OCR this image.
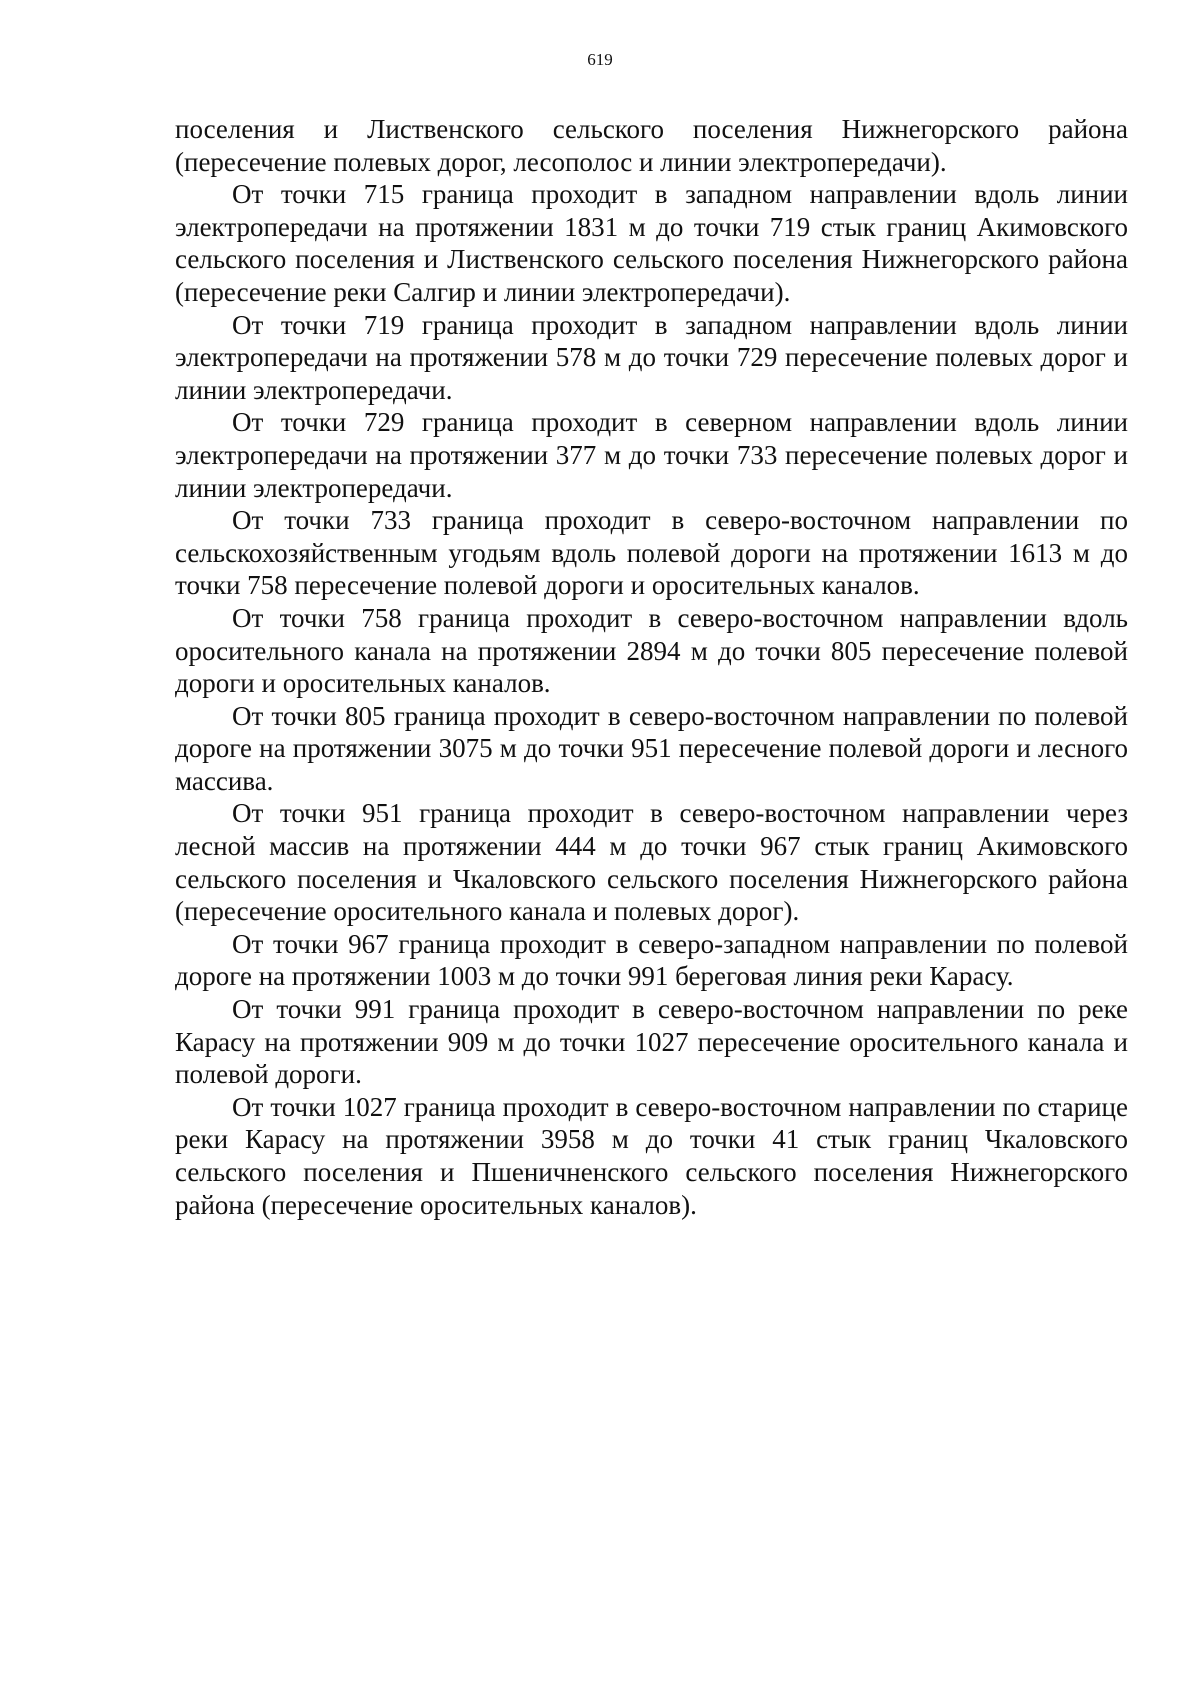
619

поселения и Лиственского сельского поселения Нижнегорского района (пересечение полевых дорог, лесополос и линии электропередачи).

От точки 715 граница проходит в западном направлении вдоль линии электропередачи на протяжении 1831 м до точки 719 стык границ Акимовского сельского поселения и Лиственского сельского поселения Нижнегорского района (пересечение реки Салгир и линии электропередачи).

От точки 719 граница проходит в западном направлении вдоль линии электропередачи на протяжении 578 м до точки 729 пересечение полевых дорог и линии электропередачи.

От точки 729 граница проходит в северном направлении вдоль линии электропередачи на протяжении 377 м до точки 733 пересечение полевых дорог и линии электропередачи.

От точки 733 граница проходит в северо-восточном направлении по сельскохозяйственным угодьям вдоль полевой дороги на протяжении 1613 м до точки 758 пересечение полевой дороги и оросительных каналов.

От точки 758 граница проходит в северо-восточном направлении вдоль оросительного канала на протяжении 2894 м до точки 805 пересечение полевой дороги и оросительных каналов.

От точки 805 граница проходит в северо-восточном направлении по полевой дороге на протяжении 3075 м до точки 951 пересечение полевой дороги и лесного массива.

От точки 951 граница проходит в северо-восточном направлении через лесной массив на протяжении 444 м до точки 967 стык границ Акимовского сельского поселения и Чкаловского сельского поселения Нижнегорского района (пересечение оросительного канала и полевых дорог).

От точки 967 граница проходит в северо-западном направлении по полевой дороге на протяжении 1003 м до точки 991 береговая линия реки Карасу.

От точки 991 граница проходит в северо-восточном направлении по реке Карасу на протяжении 909 м до точки 1027 пересечение оросительного канала и полевой дороги.

От точки 1027 граница проходит в северо-восточном направлении по старице реки Карасу на протяжении 3958 м до точки 41 стык границ Чкаловского сельского поселения и Пшеничненского сельского поселения Нижнегорского района (пересечение оросительных каналов).
